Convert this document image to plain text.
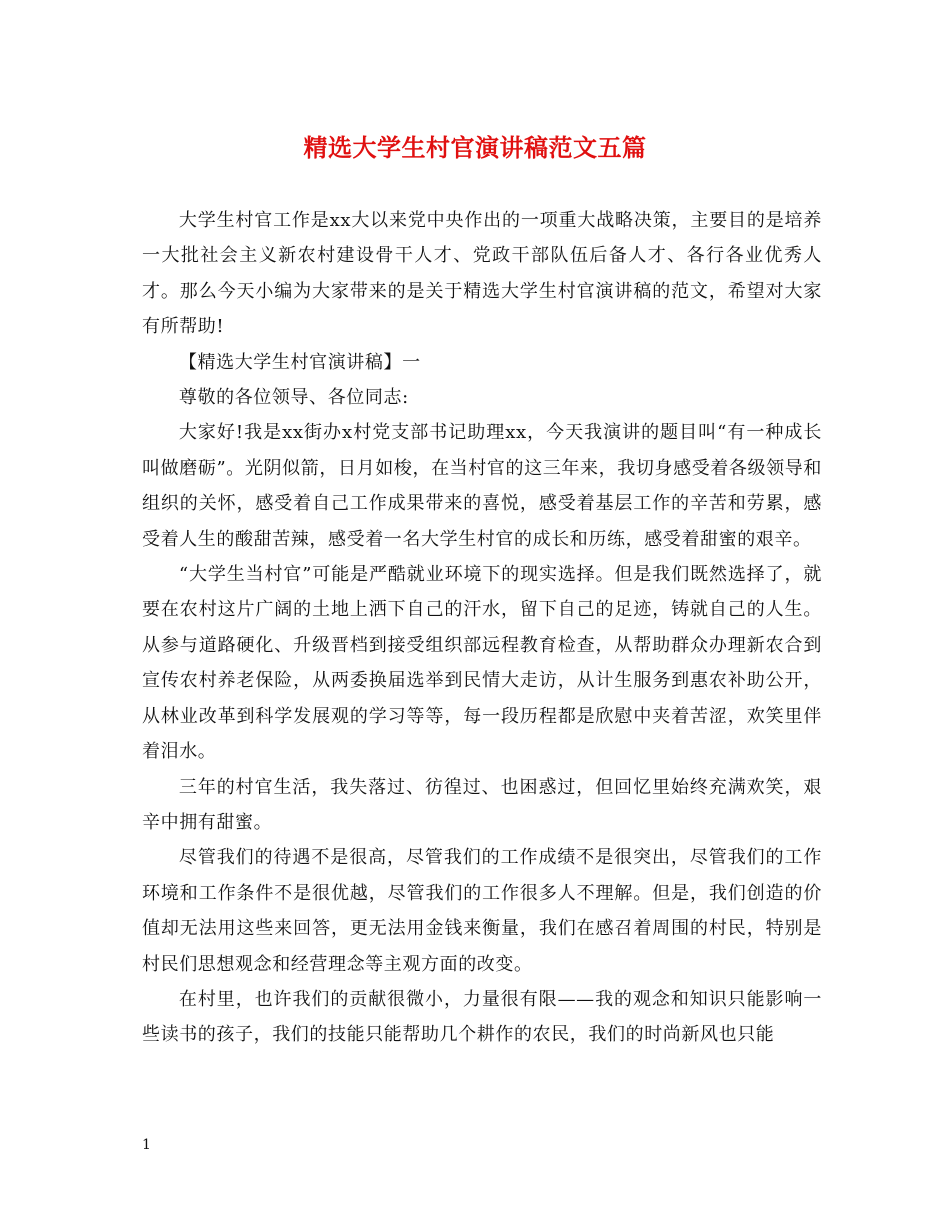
精选大学生村官演讲稿范文五篇

大学生村官工作是xx大以来党中央作出的一项重大战略决策，主要目的是培养一大批社会主义新农村建设骨干人才、党政干部队伍后备人才、各行各业优秀人才。那么今天小编为大家带来的是关于精选大学生村官演讲稿的范文，希望对大家有所帮助!

【精选大学生村官演讲稿】一

尊敬的各位领导、各位同志:

大家好!我是xx街办x村党支部书记助理xx，今天我演讲的题目叫“有一种成长叫做磨砺”。光阴似箭，日月如梭，在当村官的这三年来，我切身感受着各级领导和组织的关怀，感受着自己工作成果带来的喜悦，感受着基层工作的辛苦和劳累，感受着人生的酸甜苦辣，感受着一名大学生村官的成长和历练，感受着甜蜜的艰辛。

“大学生当村官”可能是严酷就业环境下的现实选择。但是我们既然选择了，就要在农村这片广阔的土地上洒下自己的汗水，留下自己的足迹，铸就自己的人生。从参与道路硬化、升级晋档到接受组织部远程教育检查，从帮助群众办理新农合到宣传农村养老保险，从两委换届选举到民情大走访，从计生服务到惠农补助公开，从林业改革到科学发展观的学习等等，每一段历程都是欣慰中夹着苦涩，欢笑里伴着泪水。

三年的村官生活，我失落过、彷徨过、也困惑过，但回忆里始终充满欢笑，艰辛中拥有甜蜜。

尽管我们的待遇不是很高，尽管我们的工作成绩不是很突出，尽管我们的工作环境和工作条件不是很优越，尽管我们的工作很多人不理解。但是，我们创造的价值却无法用这些来回答，更无法用金钱来衡量，我们在感召着周围的村民，特别是村民们思想观念和经营理念等主观方面的改变。

在村里，也许我们的贡献很微小，力量很有限——我的观念和知识只能影响一些读书的孩子，我们的技能只能帮助几个耕作的农民，我们的时尚新风也只能

1
